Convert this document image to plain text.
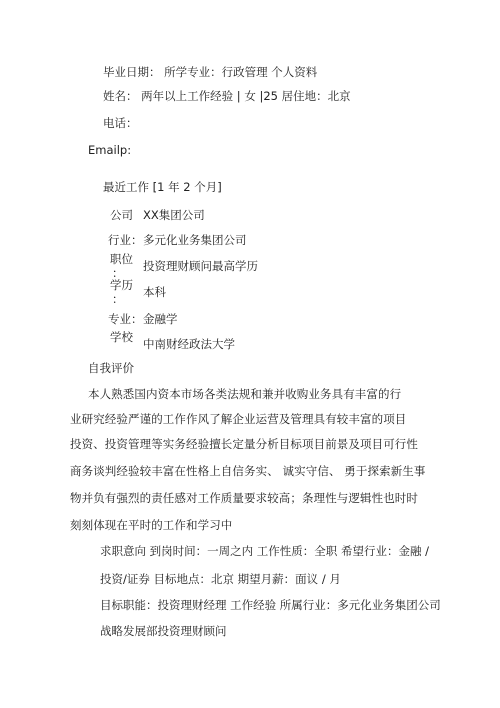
毕业日期： 所学专业：行政管理 个人资料
姓名： 两年以上工作经验 | 女 |25 居住地：北京
电话：
Emailp:
最近工作 [1 年 2 个月]
公司 XX集团公司
行业： 多元化业务集团公司
职位
： 投资理财顾问最高学历
学历
： 本科
专业： 金融学
学校 中南财经政法大学
自我评价
本人熟悉国内资本市场各类法规和兼并收购业务具有丰富的行
业研究经验严谨的工作作风了解企业运营及管理具有较丰富的项目
投资、投资管理等实务经验擅长定量分析目标项目前景及项目可行性
商务谈判经验较丰富在性格上自信务实、 诚实守信、 勇于探索新生事
物并负有强烈的责任感对工作质量要求较高；条理性与逻辑性也时时
刻刻体现在平时的工作和学习中
求职意向 到岗时间：一周之内 工作性质：全职 希望行业：金融 /
投资/证券 目标地点：北京 期望月薪：面议 / 月
目标职能：投资理财经理 工作经验 所属行业：多元化业务集团公司
战略发展部投资理财顾问
